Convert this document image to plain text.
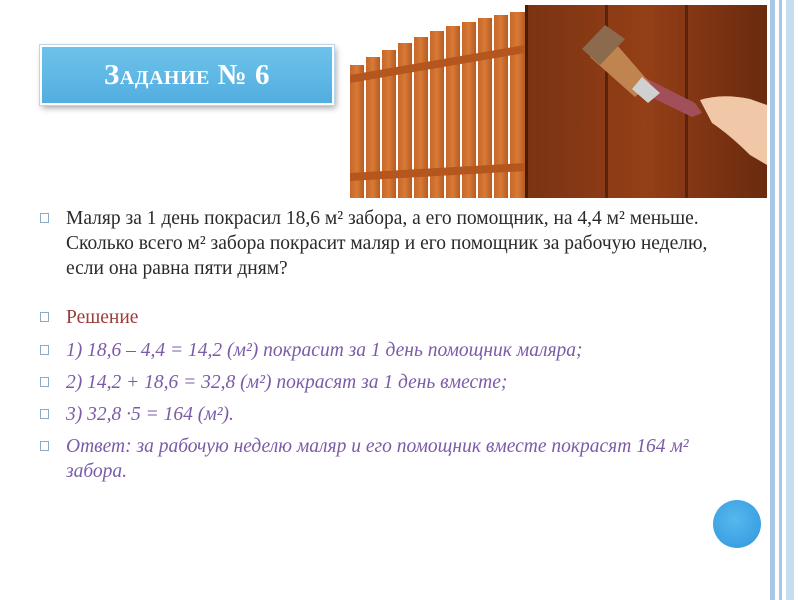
Задание № 6
Маляр за 1 день покрасил 18,6 м² забора, а его помощник, на 4,4 м² меньше. Сколько всего м² забора покрасит маляр и его помощник за рабочую неделю, если она равна пяти дням?
Решение
1) 18,6 – 4,4 = 14,2 (м²) покрасит за 1 день помощник маляра;
2) 14,2 + 18,6 = 32,8 (м²) покрасят за 1 день вместе;
3) 32,8 ·5 = 164 (м²).
Ответ: за рабочую неделю маляр и его помощник вместе покрасят 164 м² забора.
